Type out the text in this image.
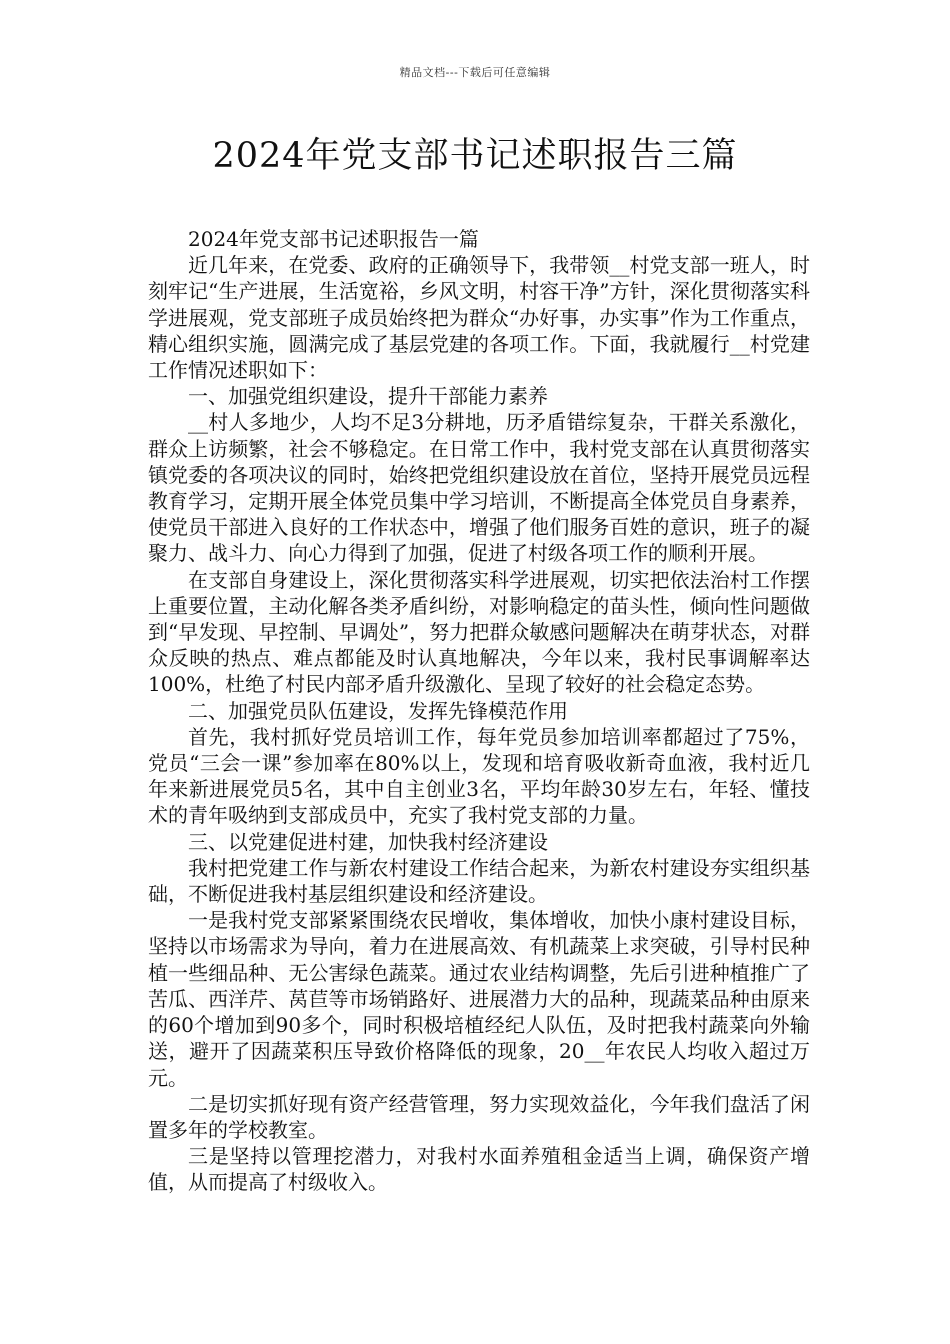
精品文档---下载后可任意编辑
2024年党支部书记述职报告三篇

2024年党支部书记述职报告一篇

近几年来，在党委、政府的正确领导下，我带领__村党支部一班人，时刻牢记“生产进展，生活宽裕，乡风文明，村容干净”方针，深化贯彻落实科学进展观，党支部班子成员始终把为群众“办好事，办实事”作为工作重点，精心组织实施，圆满完成了基层党建的各项工作。下面，我就履行__村党建工作情况述职如下：

一、加强党组织建设，提升干部能力素养

__村人多地少，人均不足3分耕地，历矛盾错综复杂，干群关系激化，群众上访频繁，社会不够稳定。在日常工作中，我村党支部在认真贯彻落实镇党委的各项决议的同时，始终把党组织建设放在首位，坚持开展党员远程教育学习，定期开展全体党员集中学习培训，不断提高全体党员自身素养，使党员干部进入良好的工作状态中，增强了他们服务百姓的意识，班子的凝聚力、战斗力、向心力得到了加强，促进了村级各项工作的顺利开展。

在支部自身建设上，深化贯彻落实科学进展观，切实把依法治村工作摆上重要位置，主动化解各类矛盾纠纷，对影响稳定的苗头性，倾向性问题做到“早发现、早控制、早调处”，努力把群众敏感问题解决在萌芽状态，对群众反映的热点、难点都能及时认真地解决，今年以来，我村民事调解率达100%，杜绝了村民内部矛盾升级激化、呈现了较好的社会稳定态势。

二、加强党员队伍建设，发挥先锋模范作用

首先，我村抓好党员培训工作，每年党员参加培训率都超过了75%，党员“三会一课”参加率在80%以上，发现和培育吸收新奇血液，我村近几年来新进展党员5名，其中自主创业3名，平均年龄30岁左右，年轻、懂技术的青年吸纳到支部成员中，充实了我村党支部的力量。

三、以党建促进村建，加快我村经济建设

我村把党建工作与新农村建设工作结合起来，为新农村建设夯实组织基础，不断促进我村基层组织建设和经济建设。

一是我村党支部紧紧围绕农民增收，集体增收，加快小康村建设目标，坚持以市场需求为导向，着力在进展高效、有机蔬菜上求突破，引导村民种植一些细品种、无公害绿色蔬菜。通过农业结构调整，先后引进种植推广了苦瓜、西洋芹、莴苣等市场销路好、进展潜力大的品种，现蔬菜品种由原来的60个增加到90多个，同时积极培植经纪人队伍，及时把我村蔬菜向外输送，避开了因蔬菜积压导致价格降低的现象，20__年农民人均收入超过万元。

二是切实抓好现有资产经营管理，努力实现效益化，今年我们盘活了闲置多年的学校教室。

三是坚持以管理挖潜力，对我村水面养殖租金适当上调，确保资产增值，从而提高了村级收入。
